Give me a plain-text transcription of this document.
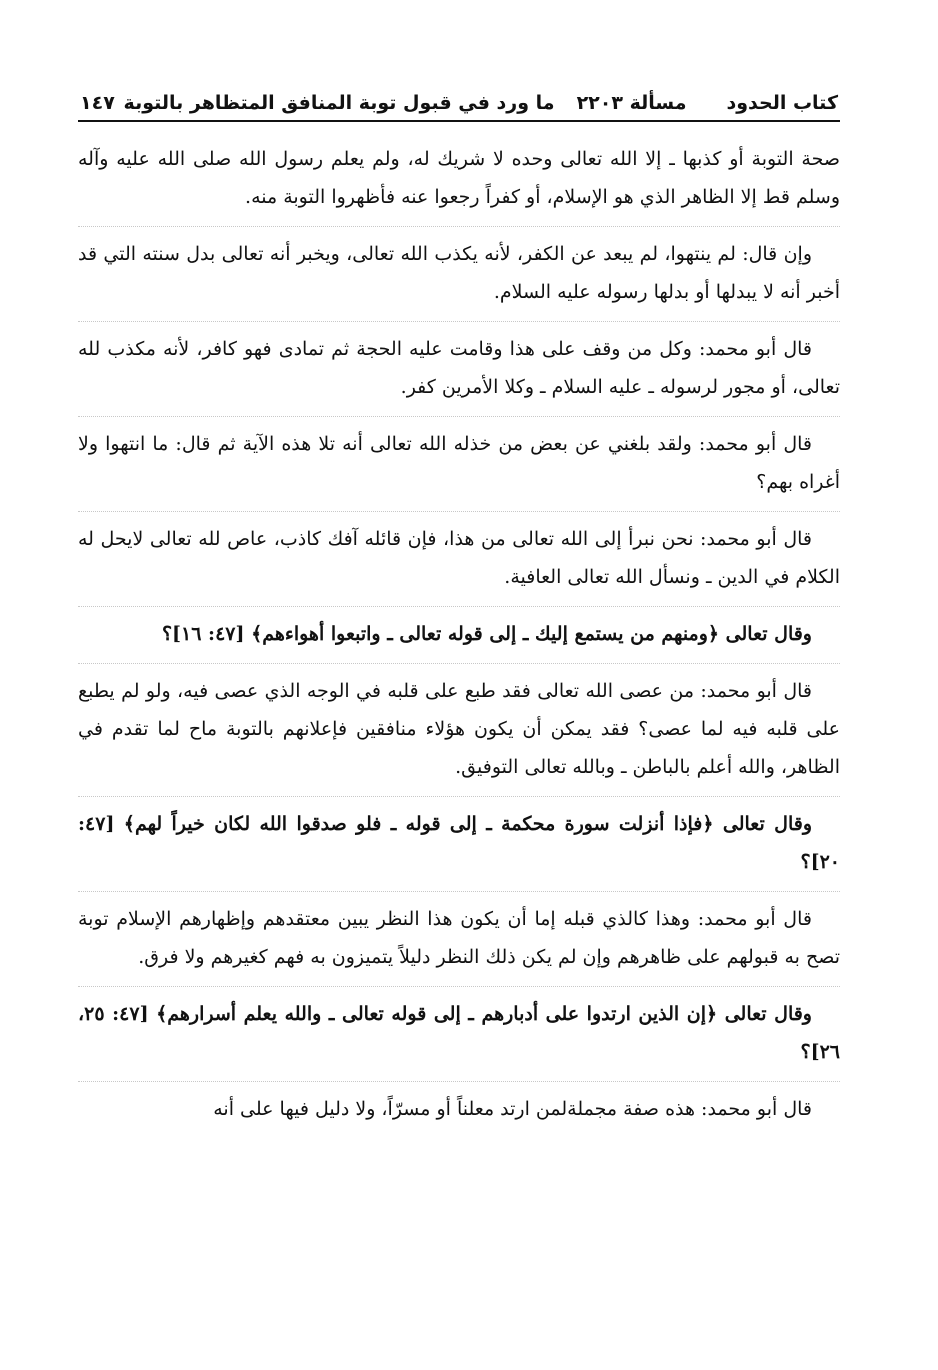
كتاب الحدود
مسألة ٢٢٠٣
ما ورد في قبول توبة المنافق المتظاهر بالتوبة
١٤٧

صحة التوبة أو كذبها ـ إلا الله تعالى وحده لا شريك له، ولم يعلم رسول الله صلى الله عليه وآله وسلم قط إلا الظاهر الذي هو الإسلام، أو كفراً رجعوا عنه فأظهروا التوبة منه.

وإن قال: لم ينتهوا، لم يبعد عن الكفر، لأنه يكذب الله تعالى، ويخبر أنه تعالى بدل سنته التي قد أخبر أنه لا يبدلها أو بدلها رسوله عليه السلام.

قال أبو محمد: وكل من وقف على هذا وقامت عليه الحجة ثم تمادى فهو كافر، لأنه مكذب لله تعالى، أو مجور لرسوله ـ عليه السلام ـ وكلا الأمرين كفر.

قال أبو محمد: ولقد بلغني عن بعض من خذله الله تعالى أنه تلا هذه الآية ثم قال: ما انتهوا ولا أغراه بهم؟

قال أبو محمد: نحن نبرأ إلى الله تعالى من هذا، فإن قائله آفك كاذب، عاص لله تعالى لايحل له الكلام في الدين ـ ونسأل الله تعالى العافية.

وقال تعالى ﴿ومنهم من يستمع إليك ـ إلى قوله تعالى ـ واتبعوا أهواءهم﴾ [٤٧: ١٦]؟

قال أبو محمد: من عصى الله تعالى فقد طبع على قلبه في الوجه الذي عصى فيه، ولو لم يطبع على قلبه فيه لما عصى؟ فقد يمكن أن يكون هؤلاء منافقين فإعلانهم بالتوبة ماح لما تقدم في الظاهر، والله أعلم بالباطن ـ وبالله تعالى التوفيق.

وقال تعالى ﴿فإذا أنزلت سورة محكمة ـ إلى قوله ـ فلو صدقوا الله لكان خيراً لهم﴾ [٤٧: ٢٠]؟

قال أبو محمد: وهذا كالذي قبله إما أن يكون هذا النظر يبين معتقدهم وإظهارهم الإسلام توبة تصح به قبولهم على ظاهرهم وإن لم يكن ذلك النظر دليلاً يتميزون به فهم كغيرهم ولا فرق.

وقال تعالى ﴿إن الذين ارتدوا على أدبارهم ـ إلى قوله تعالى ـ والله يعلم أسرارهم﴾ [٤٧: ٢٥، ٢٦]؟

قال أبو محمد: هذه صفة مجملةلمن ارتد معلناً أو مسرّاً، ولا دليل فيها على أنه
